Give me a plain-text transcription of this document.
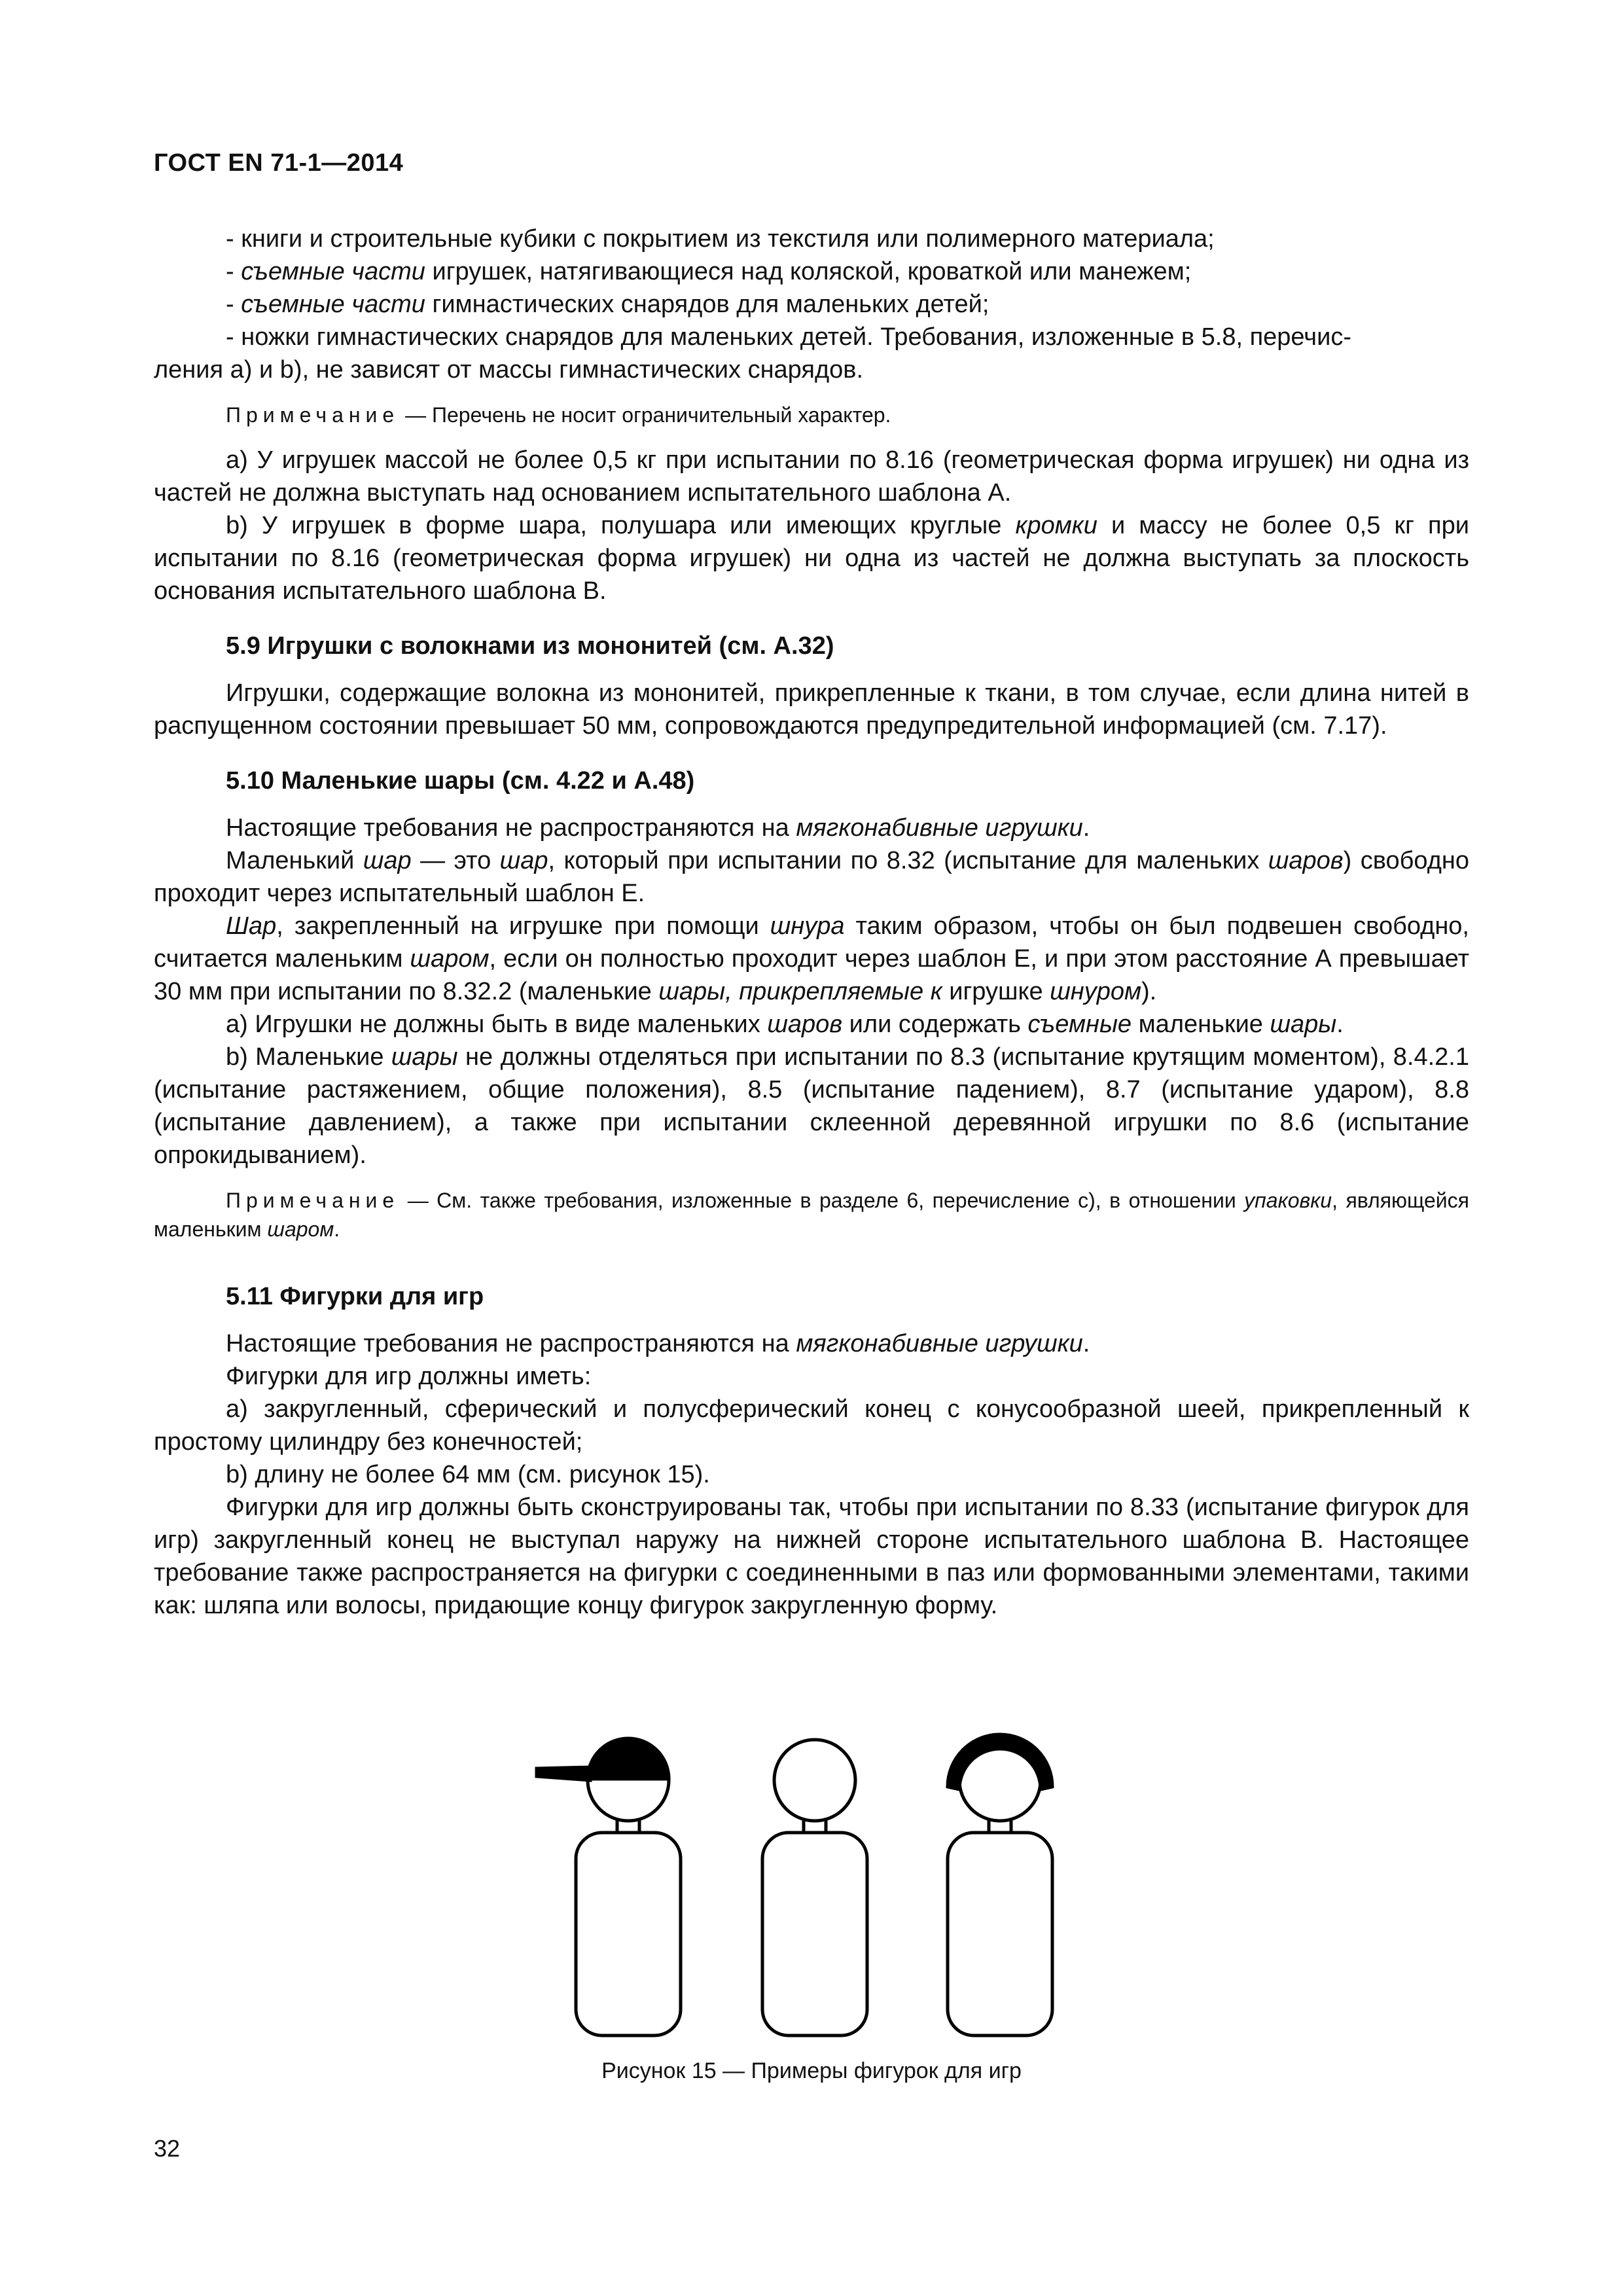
ГОСТ EN 71-1—2014

- книги и строительные кубики с покрытием из текстиля или полимерного материала;

- съемные части игрушек, натягивающиеся над коляской, кроваткой или манежем;

- съемные части гимнастических снарядов для маленьких детей;

- ножки гимнастических снарядов для маленьких детей. Требования, изложенные в 5.8, перечис-
ления а) и b), не зависят от массы гимнастических снарядов.

Примечание — Перечень не носит ограничительный характер.

а) У игрушек массой не более 0,5 кг при испытании по 8.16 (геометрическая форма игрушек) ни одна из частей не должна выступать над основанием испытательного шаблона А.

b) У игрушек в форме шара, полушара или имеющих круглые кромки и массу не более 0,5 кг при испытании по 8.16 (геометрическая форма игрушек) ни одна из частей не должна выступать за плоскость основания испытательного шаблона В.

5.9 Игрушки с волокнами из мононитей (см. А.32)

Игрушки, содержащие волокна из мононитей, прикрепленные к ткани, в том случае, если длина нитей в распущенном состоянии превышает 50 мм, сопровождаются предупредительной информацией (см. 7.17).

5.10 Маленькие шары (см. 4.22 и А.48)

Настоящие требования не распространяются на мягконабивные игрушки.

Маленький шар — это шар, который при испытании по 8.32 (испытание для маленьких шаров) свободно проходит через испытательный шаблон Е.

Шар, закрепленный на игрушке при помощи шнура таким образом, чтобы он был подвешен свободно, считается маленьким шаром, если он полностью проходит через шаблон Е, и при этом расстояние А превышает 30 мм при испытании по 8.32.2 (маленькие шары, прикрепляемые к игрушке шнуром).

а) Игрушки не должны быть в виде маленьких шаров или содержать съемные маленькие шары.

b) Маленькие шары не должны отделяться при испытании по 8.3 (испытание крутящим моментом), 8.4.2.1 (испытание растяжением, общие положения), 8.5 (испытание падением), 8.7 (испытание ударом), 8.8 (испытание давлением), а также при испытании склеенной деревянной игрушки по 8.6 (испытание опрокидыванием).

Примечание — См. также требования, изложенные в разделе 6, перечисление с), в отношении упаковки, являющейся маленьким шаром.

5.11 Фигурки для игр

Настоящие требования не распространяются на мягконабивные игрушки.

Фигурки для игр должны иметь:

а) закругленный, сферический и полусферический конец с конусообразной шеей, прикрепленный к простому цилиндру без конечностей;

b) длину не более 64 мм (см. рисунок 15).

Фигурки для игр должны быть сконструированы так, чтобы при испытании по 8.33 (испытание фигурок для игр) закругленный конец не выступал наружу на нижней стороне испытательного шаблона В. Настоящее требование также распространяется на фигурки с соединенными в паз или формованными элементами, такими как: шляпа или волосы, придающие концу фигурок закругленную форму.

Рисунок 15 — Примеры фигурок для игр
32
